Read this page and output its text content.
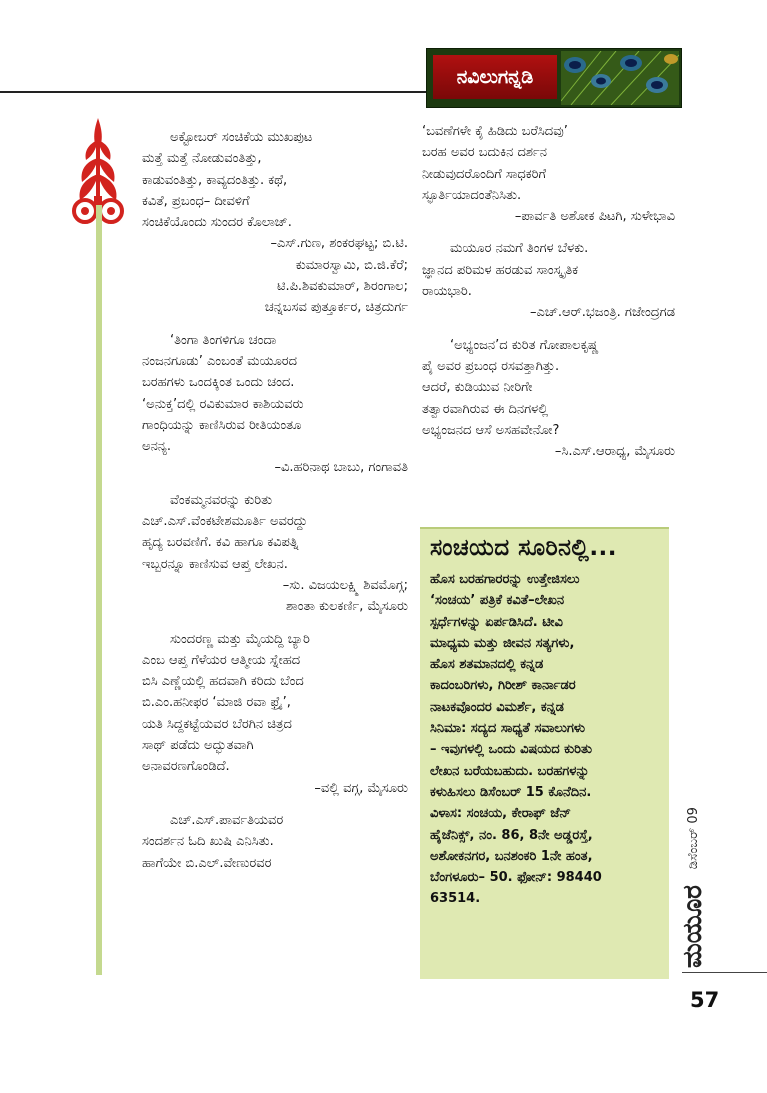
ನವಿಲುಗನ್ನಡಿ

ಅಕ್ಟೋಬರ್ ಸಂಚಿಕೆಯ ಮುಖಪುಟ

ಮತ್ತೆ ಮತ್ತೆ ನೋಡುವಂತಿತ್ತು,

ಕಾಡುವಂತಿತ್ತು, ಕಾವ್ಯದಂತಿತ್ತು. ಕಥೆ,

ಕವಿತೆ, ಪ್ರಬಂಧ– ದೀವಳಿಗೆ

ಸಂಚಿಕೆಯೊಂದು ಸುಂದರ ಕೊಲಾಜ್.

–ಎಸ್.ಗುಣ, ಶಂಕರಘಟ್ಟ; ಬಿ.ಟಿ.

ಕುಮಾರಸ್ವಾಮಿ, ಬಿ.ಜಿ.ಕೆರೆ;

ಟಿ.ಪಿ.ಶಿವಕುಮಾರ್, ಶಿರಂಗಾಲ;

ಚನ್ನಬಸವ ಪುತ್ತೂರ್ಕರ, ಚಿತ್ರದುರ್ಗ

‘ತಿಂಗಾ ತಿಂಗಳಿಗೂ ಚಂದಾ

ನಂಜನಗೂಡು’ ಎಂಬಂತೆ ಮಯೂರದ

ಬರಹಗಳು ಒಂದಕ್ಕಿಂತ ಒಂದು ಚಂದ.

‘ಅನುಕ್ತ’ದಲ್ಲಿ ರವಿಕುಮಾರ ಕಾಶಿಯವರು

ಗಾಂಧಿಯನ್ನು ಕಾಣಿಸಿರುವ ರೀತಿಯಂತೂ

ಅನನ್ಯ.

–ವಿ.ಹರಿನಾಥ ಬಾಬು, ಗಂಗಾವತಿ

ವೆಂಕಮ್ಮನವರನ್ನು ಕುರಿತು

ಎಚ್.ಎಸ್.ವೆಂಕಟೇಶಮೂರ್ತಿ ಅವರದ್ದು

ಹೃದ್ಯ ಬರವಣಿಗೆ. ಕವಿ ಹಾಗೂ ಕವಿಪತ್ನಿ

ಇಬ್ಬರನ್ನೂ ಕಾಣಿಸುವ ಆಪ್ತ ಲೇಖನ.

–ಸು. ವಿಜಯಲಕ್ಷ್ಮಿ ಶಿವಮೊಗ್ಗ;

ಶಾಂತಾ ಕುಲಕರ್ಣಿ, ಮೈಸೂರು

ಸುಂದರಣ್ಣ ಮತ್ತು ಮೈಯದ್ದಿ ಬ್ಯಾರಿ

ಎಂಬ ಆಪ್ತ ಗೆಳೆಯರ ಆತ್ಮೀಯ ಸ್ನೇಹದ

ಬಿಸಿ ಎಣ್ಣೆಯಲ್ಲಿ ಹದವಾಗಿ ಕರಿದು ಬೆಂದ

ಬಿ.ಎಂ.ಹನೀಫರ ‘ಮಾಜಿ ರವಾ ಫ್ರೈ’,

ಯತಿ ಸಿದ್ದಕಟ್ಟೆಯವರ ಬೆರಗಿನ ಚಿತ್ರದ

ಸಾಥ್ ಪಡೆದು ಅದ್ಭುತವಾಗಿ

ಅನಾವರಣಗೊಂಡಿದೆ.

–ವಲ್ಲಿ ವಗ್ಗ, ಮೈಸೂರು

ಎಚ್.ಎಸ್.ಪಾರ್ವತಿಯವರ

ಸಂದರ್ಶನ ಓದಿ ಖುಷಿ ಎನಿಸಿತು.

ಹಾಗೆಯೇ ಬಿ.ಎಲ್.ವೇಣುರವರ

‘ಬವಣೆಗಳೇ ಕೈ ಹಿಡಿದು ಬರೆಸಿದವು’

ಬರಹ ಅವರ ಬದುಕಿನ ದರ್ಶನ

ನೀಡುವುದರೊಂದಿಗೆ ಸಾಧಕರಿಗೆ

ಸ್ಫೂರ್ತಿಯಾದಂತೆನಿಸಿತು.

–ಪಾರ್ವತಿ ಅಶೋಕ ಪಿಟಗಿ, ಸುಳೇಭಾವಿ

ಮಯೂರ ನಮಗೆ ತಿಂಗಳ ಬೆಳಕು.

ಜ್ಞಾನದ ಪರಿಮಳ ಹರಡುವ ಸಾಂಸ್ಕೃತಿಕ

ರಾಯಭಾರಿ.

–ಎಚ್.ಆರ್.ಭಜಂತ್ರಿ. ಗಜೇಂದ್ರಗಡ

‘ಅಭ್ಯಂಜನ’ದ ಕುರಿತ ಗೋಪಾಲಕೃಷ್ಣ

ಪೈ ಅವರ ಪ್ರಬಂಧ ರಸವತ್ತಾಗಿತ್ತು.

ಆದರೆ, ಕುಡಿಯುವ ನೀರಿಗೇ

ತತ್ವಾರವಾಗಿರುವ ಈ ದಿನಗಳಲ್ಲಿ

ಅಭ್ಯಂಜನದ ಆಸೆ ಅಸಹವೇನೋ?

–ಸಿ.ಎಸ್.ಆರಾಧ್ಯ, ಮೈಸೂರು

ಸಂಚಯದ ಸೂರಿನಲ್ಲಿ...

ಹೊಸ ಬರಹಗಾರರನ್ನು ಉತ್ತೇಜಿಸಲು

‘ಸಂಚಯ’ ಪತ್ರಿಕೆ ಕವಿತೆ–ಲೇಖನ

ಸ್ಪರ್ಧೆಗಳನ್ನು ಏರ್ಪಡಿಸಿದೆ. ಟೀವಿ

ಮಾಧ್ಯಮ ಮತ್ತು ಜೀವನ ಸತ್ಯಗಳು,

ಹೊಸ ಶತಮಾನದಲ್ಲಿ ಕನ್ನಡ

ಕಾದಂಬರಿಗಳು, ಗಿರೀಶ್ ಕಾರ್ನಾಡರ

ನಾಟಕವೊಂದರ ವಿಮರ್ಶೆ, ಕನ್ನಡ

ಸಿನಿಮಾ: ಸದ್ಯದ ಸಾಧ್ಯತೆ ಸವಾಲುಗಳು

– ಇವುಗಳಲ್ಲಿ ಒಂದು ವಿಷಯದ ಕುರಿತು

ಲೇಖನ ಬರೆಯಬಹುದು. ಬರಹಗಳನ್ನು

ಕಳುಹಿಸಲು ಡಿಸೆಂಬರ್ 15 ಕೊನೆದಿನ.

ವಿಳಾಸ: ಸಂಚಯ, ಕೇರಾಫ್ ಜೆನ್

ಹೈಜೆನಿಕ್ಸ್, ನಂ. 86, 8ನೇ ಅಡ್ಡರಸ್ತೆ,

ಅಶೋಕನಗರ, ಬನಶಂಕರಿ 1ನೇ ಹಂತ,

ಬೆಂಗಳೂರು– 50. ಫೋನ್: 98440

63514.	ಮಯೂರ
ಡಿಸೆಂಬರ್ 09
57
